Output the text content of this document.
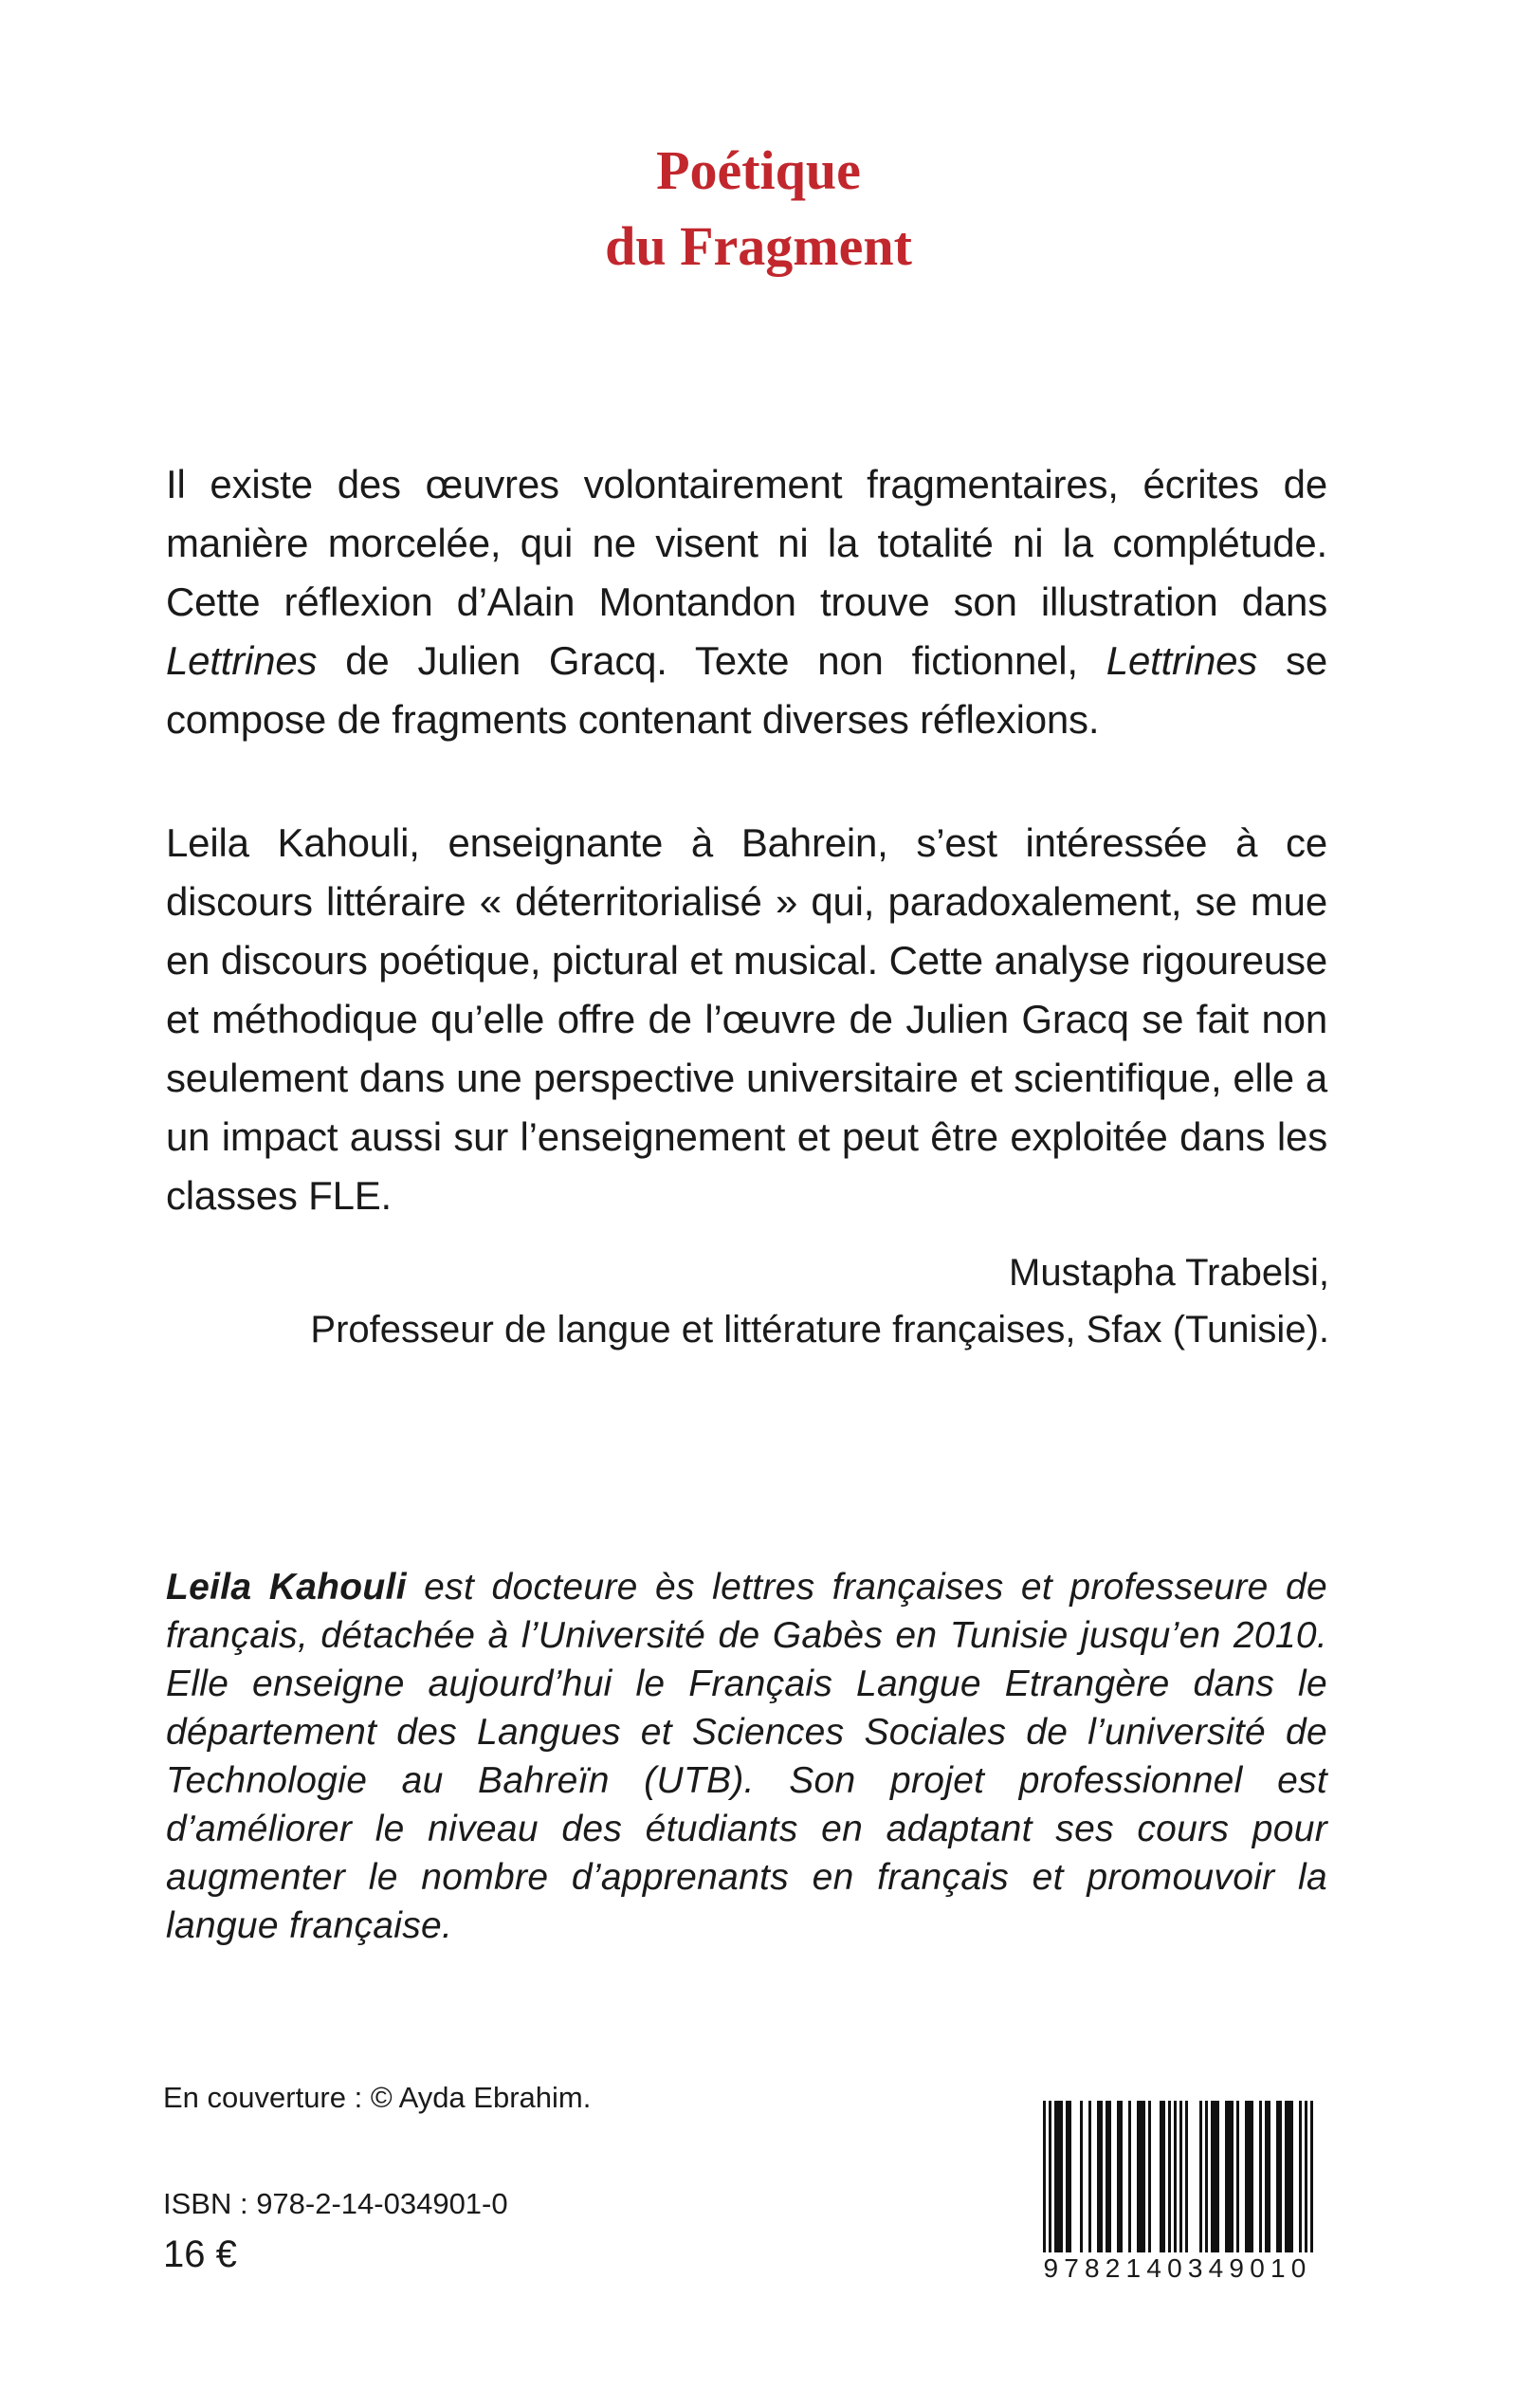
Poétique
du Fragment

Il existe des œuvres volontairement fragmentaires, écrites de manière morcelée, qui ne visent ni la totalité ni la complétude. Cette réflexion d’Alain Montandon trouve son illustration dans Lettrines de Julien Gracq. Texte non fictionnel, Lettrines se compose de fragments contenant diverses réflexions.

Leila Kahouli, enseignante à Bahrein, s’est intéressée à ce discours littéraire « déterritorialisé » qui, paradoxalement, se mue en discours poétique, pictural et musical. Cette analyse rigoureuse et méthodique qu’elle offre de l’œuvre de Julien Gracq se fait non seulement dans une perspective universitaire et scientifique, elle a un impact aussi sur l’enseignement et peut être exploitée dans les classes FLE.

Mustapha Trabelsi,
Professeur de langue et littérature françaises, Sfax (Tunisie).

Leila Kahouli est docteure ès lettres françaises et professeure de français, détachée à l’Université de Gabès en Tunisie jusqu’en 2010. Elle enseigne aujourd’hui le Français Langue Etrangère dans le département des Langues et Sciences Sociales de l’université de Technologie au Bahreïn (UTB). Son projet professionnel est d’améliorer le niveau des étudiants en adaptant ses cours pour augmenter le nombre d’apprenants en français et promouvoir la langue française.

En couverture : © Ayda Ebrahim.
ISBN : 978-2-14-034901-0
16 €	9782140349010
